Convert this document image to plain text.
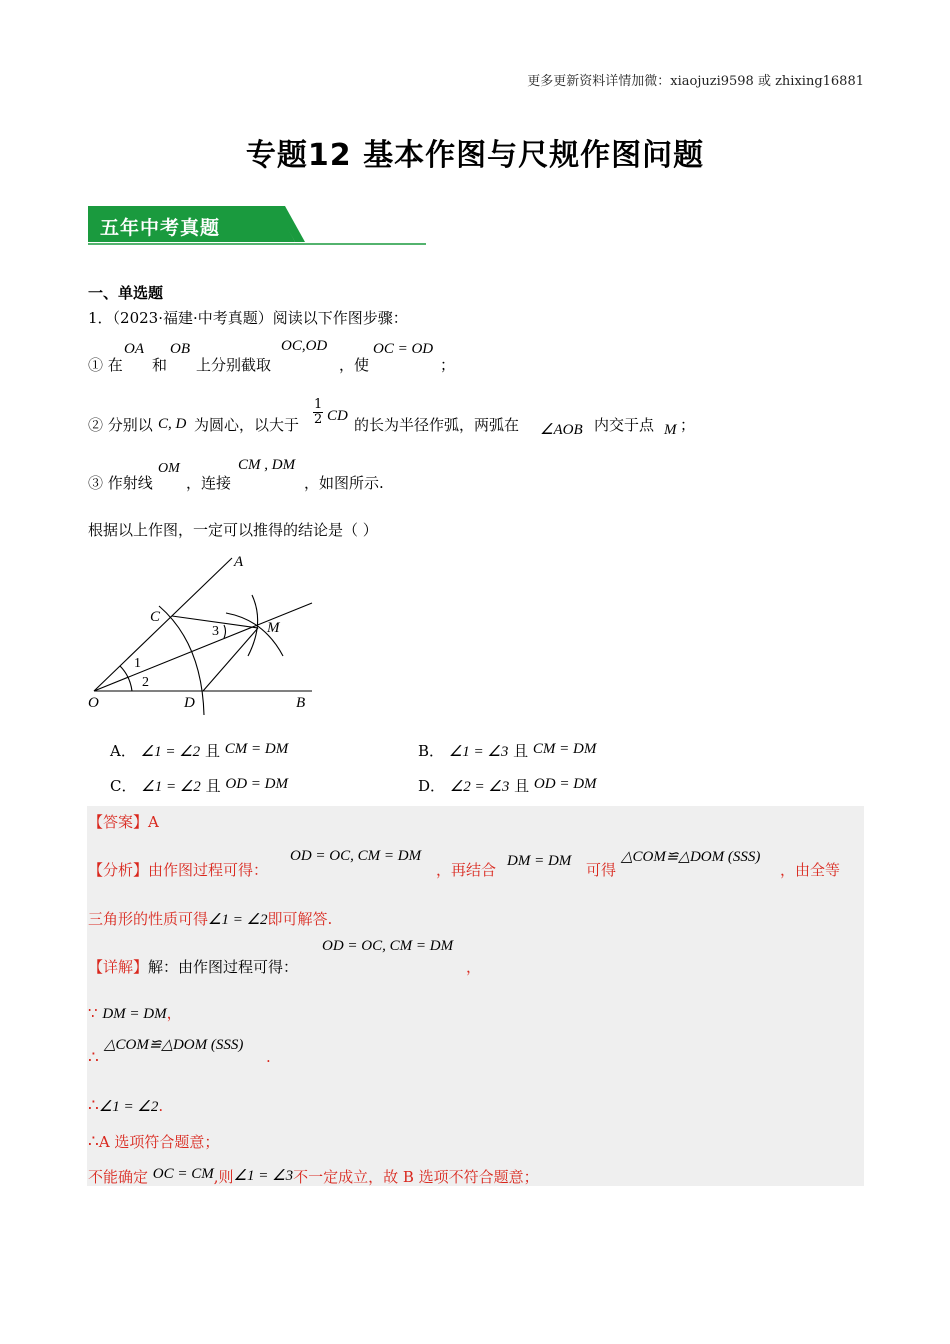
更多更新资料详情加微：xiaojuzi9598 或 zhixing16881
专题12 基本作图与尺规作图问题
五年中考真题
一、单选题
1．（2023·福建·中考真题）阅读以下作图步骤：
① 在
OA
和
OB
上分别截取
OC,OD
，使
OC = OD
；
② 分别以 C, D 为圆心，以大于 $\frac{1}{2}$ CD 的长为半径作弧，两弧在 ∠AOB 内交于点 M ；
③ 作射线
OM
，连接
CM , DM
，如图所示.
根据以上作图，一定可以推得的结论是（ ）
A
C
M
O	D	B
1
2
3
A． ∠1 = ∠2 且 CM = DM	B． ∠1 = ∠3 且 CM = DM
C． ∠1 = ∠2 且 OD = DM	D． ∠2 = ∠3 且 OD = DM
【答案】A
【分析】由作图过程可得：
OD = OC, CM = DM
，再结合 DM = DM 可得
△COM≌△DOM (SSS)
，由全等
三角形的性质可得∠1 = ∠2即可解答.
【详解】解：由作图过程可得：
OD = OC, CM = DM
，
∵ DM = DM，
∴
△COM≌△DOM (SSS)
.
∴∠1 = ∠2.
∴A 选项符合题意；
不能确定 OC = CM,则∠1 = ∠3不一定成立，故 B 选项不符合题意；
